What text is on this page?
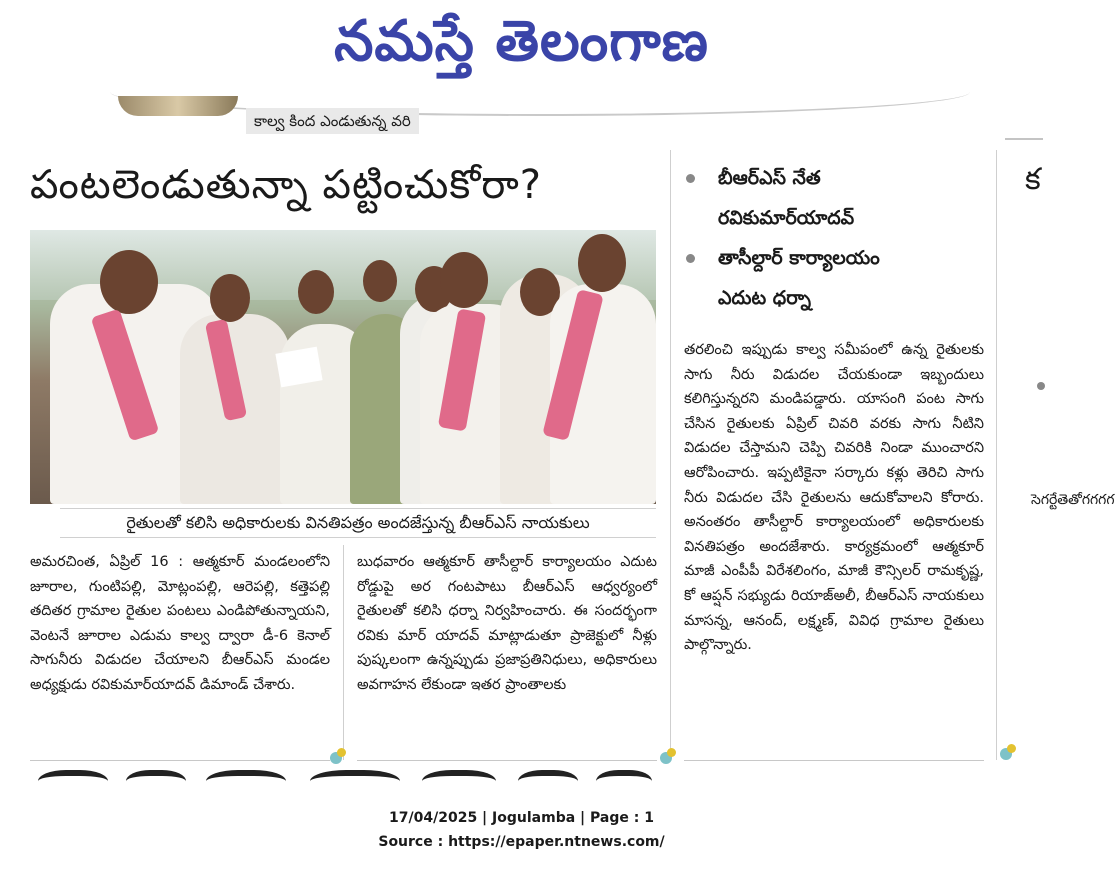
నమస్తే తెలంగాణ
కాల్వ కింద ఎండుతున్న వరి
పంటలెండుతున్నా పట్టించుకోరా?
రైతులతో కలిసి అధికారులకు వినతిపత్రం అందజేస్తున్న బీఆర్‌ఎస్‌ నాయకులు
బీఆర్‌ఎస్‌ నేత
రవికుమార్‌యాదవ్‌
తాసీల్దార్‌ కార్యాలయం
ఎదుట ధర్నా
తరలించి ఇప్పుడు కాల్వ సమీపంలో ఉన్న రైతులకు సాగు నీరు విడుదల చేయకుండా ఇబ్బందులు కలిగిస్తున్నరని మండిపడ్డారు. యాసంగి పంట సాగు చేసిన రైతులకు ఏప్రిల్‌ చివరి వరకు సాగు నీటిని విడుదల చేస్తామని చెప్పి చివరికి నిండా ముంచారని ఆరోపించారు. ఇప్పటికైనా సర్కారు కళ్లు తెరిచి సాగు నీరు విడుదల చేసి రైతులను ఆదుకోవాలని కోరారు. అనంతరం తాసీల్దార్‌ కార్యాలయంలో అధికారులకు వినతిపత్రం అందజేశారు. కార్యక్రమంలో ఆత్మకూర్‌ మాజీ ఎంపీపీ విరేశలింగం, మాజీ కౌన్సిలర్‌ రామకృష్ణ, కో ఆప్షన్‌ సభ్యుడు రియాజ్‌అలీ, బీఆర్‌ఎస్‌ నాయకులు మాసన్న, ఆనంద్‌, లక్ష్మణ్‌, వివిధ గ్రామాల రైతులు పాల్గొన్నారు.
అమరచింత, ఏప్రిల్‌ 16 : ఆత్మకూర్‌ మండలంలోని జూరాల, గుంటిపల్లి, మోట్లంపల్లి, ఆరెపల్లి, కత్తెపల్లి తదితర గ్రామాల రైతుల పంటలు ఎండిపోతున్నాయని, వెంటనే జూరాల ఎడుమ కాల్వ ద్వారా డీ-6 కెనాల్‌ సాగునీరు విడుదల చేయాలని బీఆర్‌ఎస్‌ మండల అధ్యక్షుడు రవికుమార్‌యాదవ్‌ డిమాండ్‌ చేశారు.
బుధవారం ఆత్మకూర్‌ తాసీల్దార్‌ కార్యాలయం ఎదుట రోడ్డుపై అర గంటపాటు బీఆర్‌ఎస్‌ ఆధ్వర్యంలో రైతులతో కలిసి ధర్నా నిర్వహించారు. ఈ సందర్భంగా రవికు మార్‌ యాదవ్‌ మాట్లాడుతూ ప్రాజెక్టులో నీళ్లు పుష్కలంగా ఉన్నప్పుడు ప్రజాప్రతినిధులు, అధికారులు అవగాహన లేకుండా ఇతర ప్రాంతాలకు
క
సెగర్టేతెతోగగగగ
17/04/2025 | Jogulamba | Page : 1
Source : https://epaper.ntnews.com/
